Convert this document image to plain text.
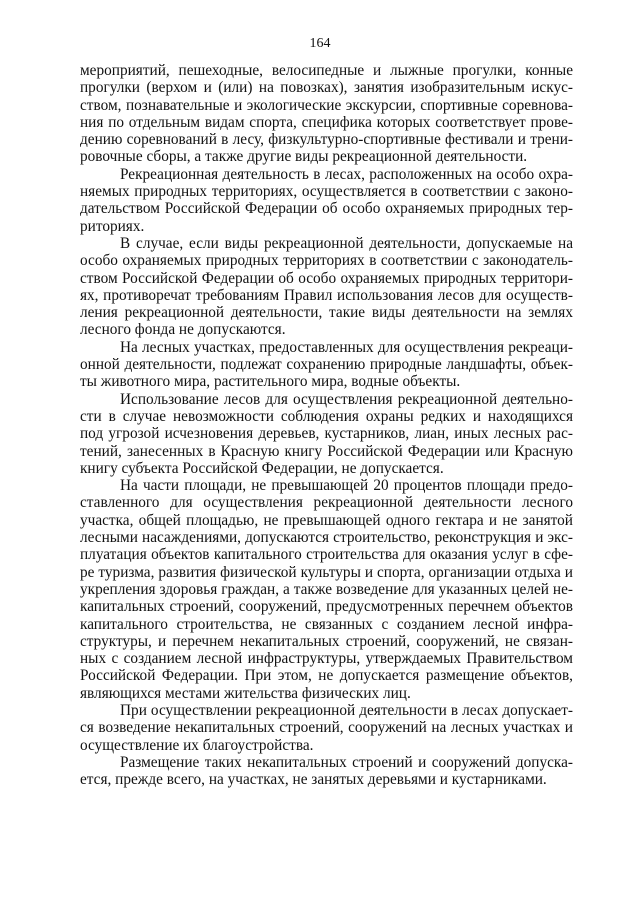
164

мероприятий, пешеходные, велосипедные и лыжные прогулки, конные прогулки (верхом и (или) на повозках), занятия изобразительным искусством, познавательные и экологические экскурсии, спортивные соревнования по отдельным видам спорта, специфика которых соответствует проведению соревнований в лесу, физкультурно-спортивные фестивали и тренировочные сборы, а также другие виды рекреационной деятельности.

Рекреационная деятельность в лесах, расположенных на особо охраняемых природных территориях, осуществляется в соответствии с законодательством Российской Федерации об особо охраняемых природных территориях.

В случае, если виды рекреационной деятельности, допускаемые на особо охраняемых природных территориях в соответствии с законодательством Российской Федерации об особо охраняемых природных территориях, противоречат требованиям Правил использования лесов для осуществления рекреационной деятельности, такие виды деятельности на землях лесного фонда не допускаются.

На лесных участках, предоставленных для осуществления рекреационной деятельности, подлежат сохранению природные ландшафты, объекты животного мира, растительного мира, водные объекты.

Использование лесов для осуществления рекреационной деятельности в случае невозможности соблюдения охраны редких и находящихся под угрозой исчезновения деревьев, кустарников, лиан, иных лесных растений, занесенных в Красную книгу Российской Федерации или Красную книгу субъекта Российской Федерации, не допускается.

На части площади, не превышающей 20 процентов площади предоставленного для осуществления рекреационной деятельности лесного участка, общей площадью, не превышающей одного гектара и не занятой лесными насаждениями, допускаются строительство, реконструкция и эксплуатация объектов капитального строительства для оказания услуг в сфере туризма, развития физической культуры и спорта, организации отдыха и укрепления здоровья граждан, а также возведение для указанных целей некапитальных строений, сооружений, предусмотренных перечнем объектов капитального строительства, не связанных с созданием лесной инфраструктуры, и перечнем некапитальных строений, сооружений, не связанных с созданием лесной инфраструктуры, утверждаемых Правительством Российской Федерации. При этом, не допускается размещение объектов, являющихся местами жительства физических лиц.

При осуществлении рекреационной деятельности в лесах допускается возведение некапитальных строений, сооружений на лесных участках и осуществление их благоустройства.

Размещение таких некапитальных строений и сооружений допускается, прежде всего, на участках, не занятых деревьями и кустарниками.
